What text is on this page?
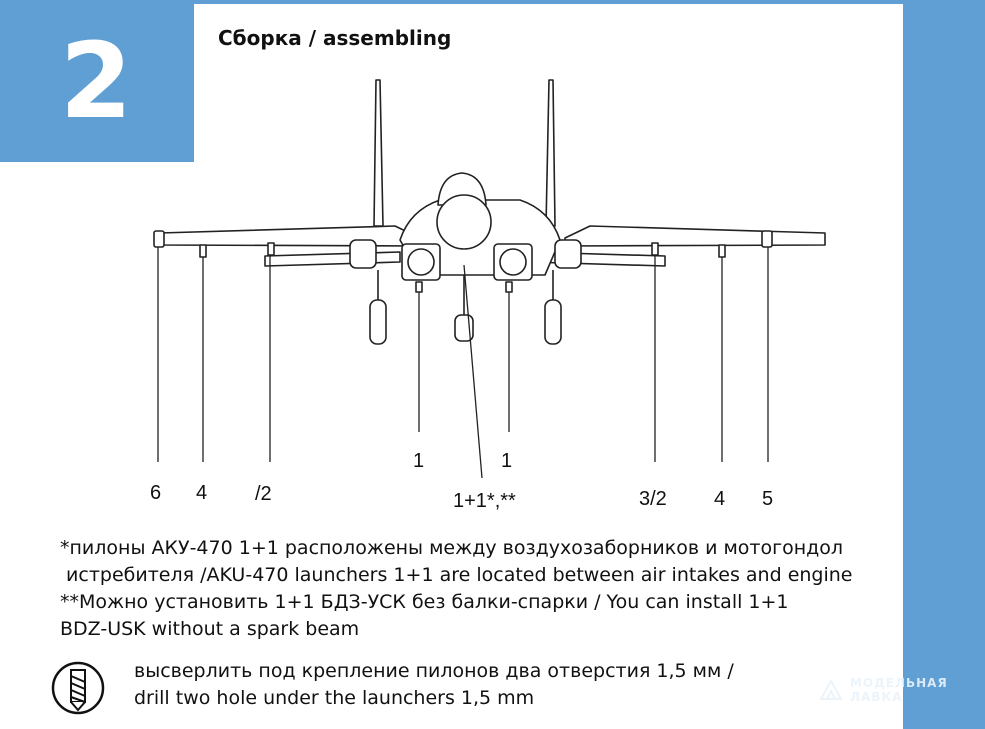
2	Сборка / assembling
6 4 /2
1
1+1*,**
1
3/2 4 5
*пилоны АКУ-470 1+1 расположены между воздухозаборников и мотогондол
истребителя /AKU-470 launchers 1+1 are located between air intakes and engine
**Можно установить 1+1 БДЗ-УСК без балки-спарки / You can install 1+1
BDZ-USK without a spark beam
высверлить под крепление пилонов два отверстия 1,5 мм /
drill two hole under the launchers 1,5 mm
МОДЕЛЬНАЯ
ЛАВКА
